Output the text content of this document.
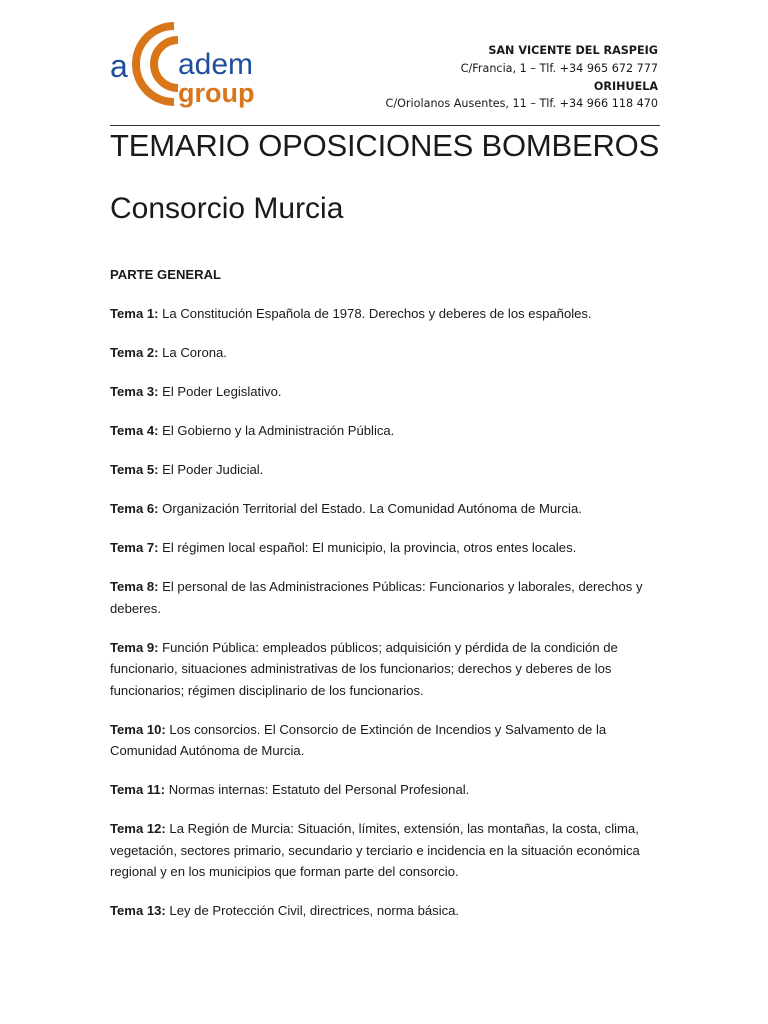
a adem
group
SAN VICENTE DEL RASPEIG
C/Francia, 1 – Tlf. +34 965 672 777
ORIHUELA
C/Oriolanos Ausentes, 11 – Tlf. +34 966 118 470
TEMARIO OPOSICIONES BOMBEROS
Consorcio Murcia
PARTE GENERAL
Tema 1: La Constitución Española de 1978. Derechos y deberes de los españoles.
Tema 2: La Corona.
Tema 3: El Poder Legislativo.
Tema 4: El Gobierno y la Administración Pública.
Tema 5: El Poder Judicial.
Tema 6: Organización Territorial del Estado. La Comunidad Autónoma de Murcia.
Tema 7: El régimen local español: El municipio, la provincia, otros entes locales.
Tema 8: El personal de las Administraciones Públicas: Funcionarios y laborales, derechos y deberes.
Tema 9: Función Pública: empleados públicos; adquisición y pérdida de la condición de funcionario, situaciones administrativas de los funcionarios; derechos y deberes de los funcionarios; régimen disciplinario de los funcionarios.
Tema 10: Los consorcios. El Consorcio de Extinción de Incendios y Salvamento de la Comunidad Autónoma de Murcia.
Tema 11: Normas internas: Estatuto del Personal Profesional.
Tema 12: La Región de Murcia: Situación, límites, extensión, las montañas, la costa, clima, vegetación, sectores primario, secundario y terciario e incidencia en la situación económica regional y en los municipios que forman parte del consorcio.
Tema 13: Ley de Protección Civil, directrices, norma básica.
